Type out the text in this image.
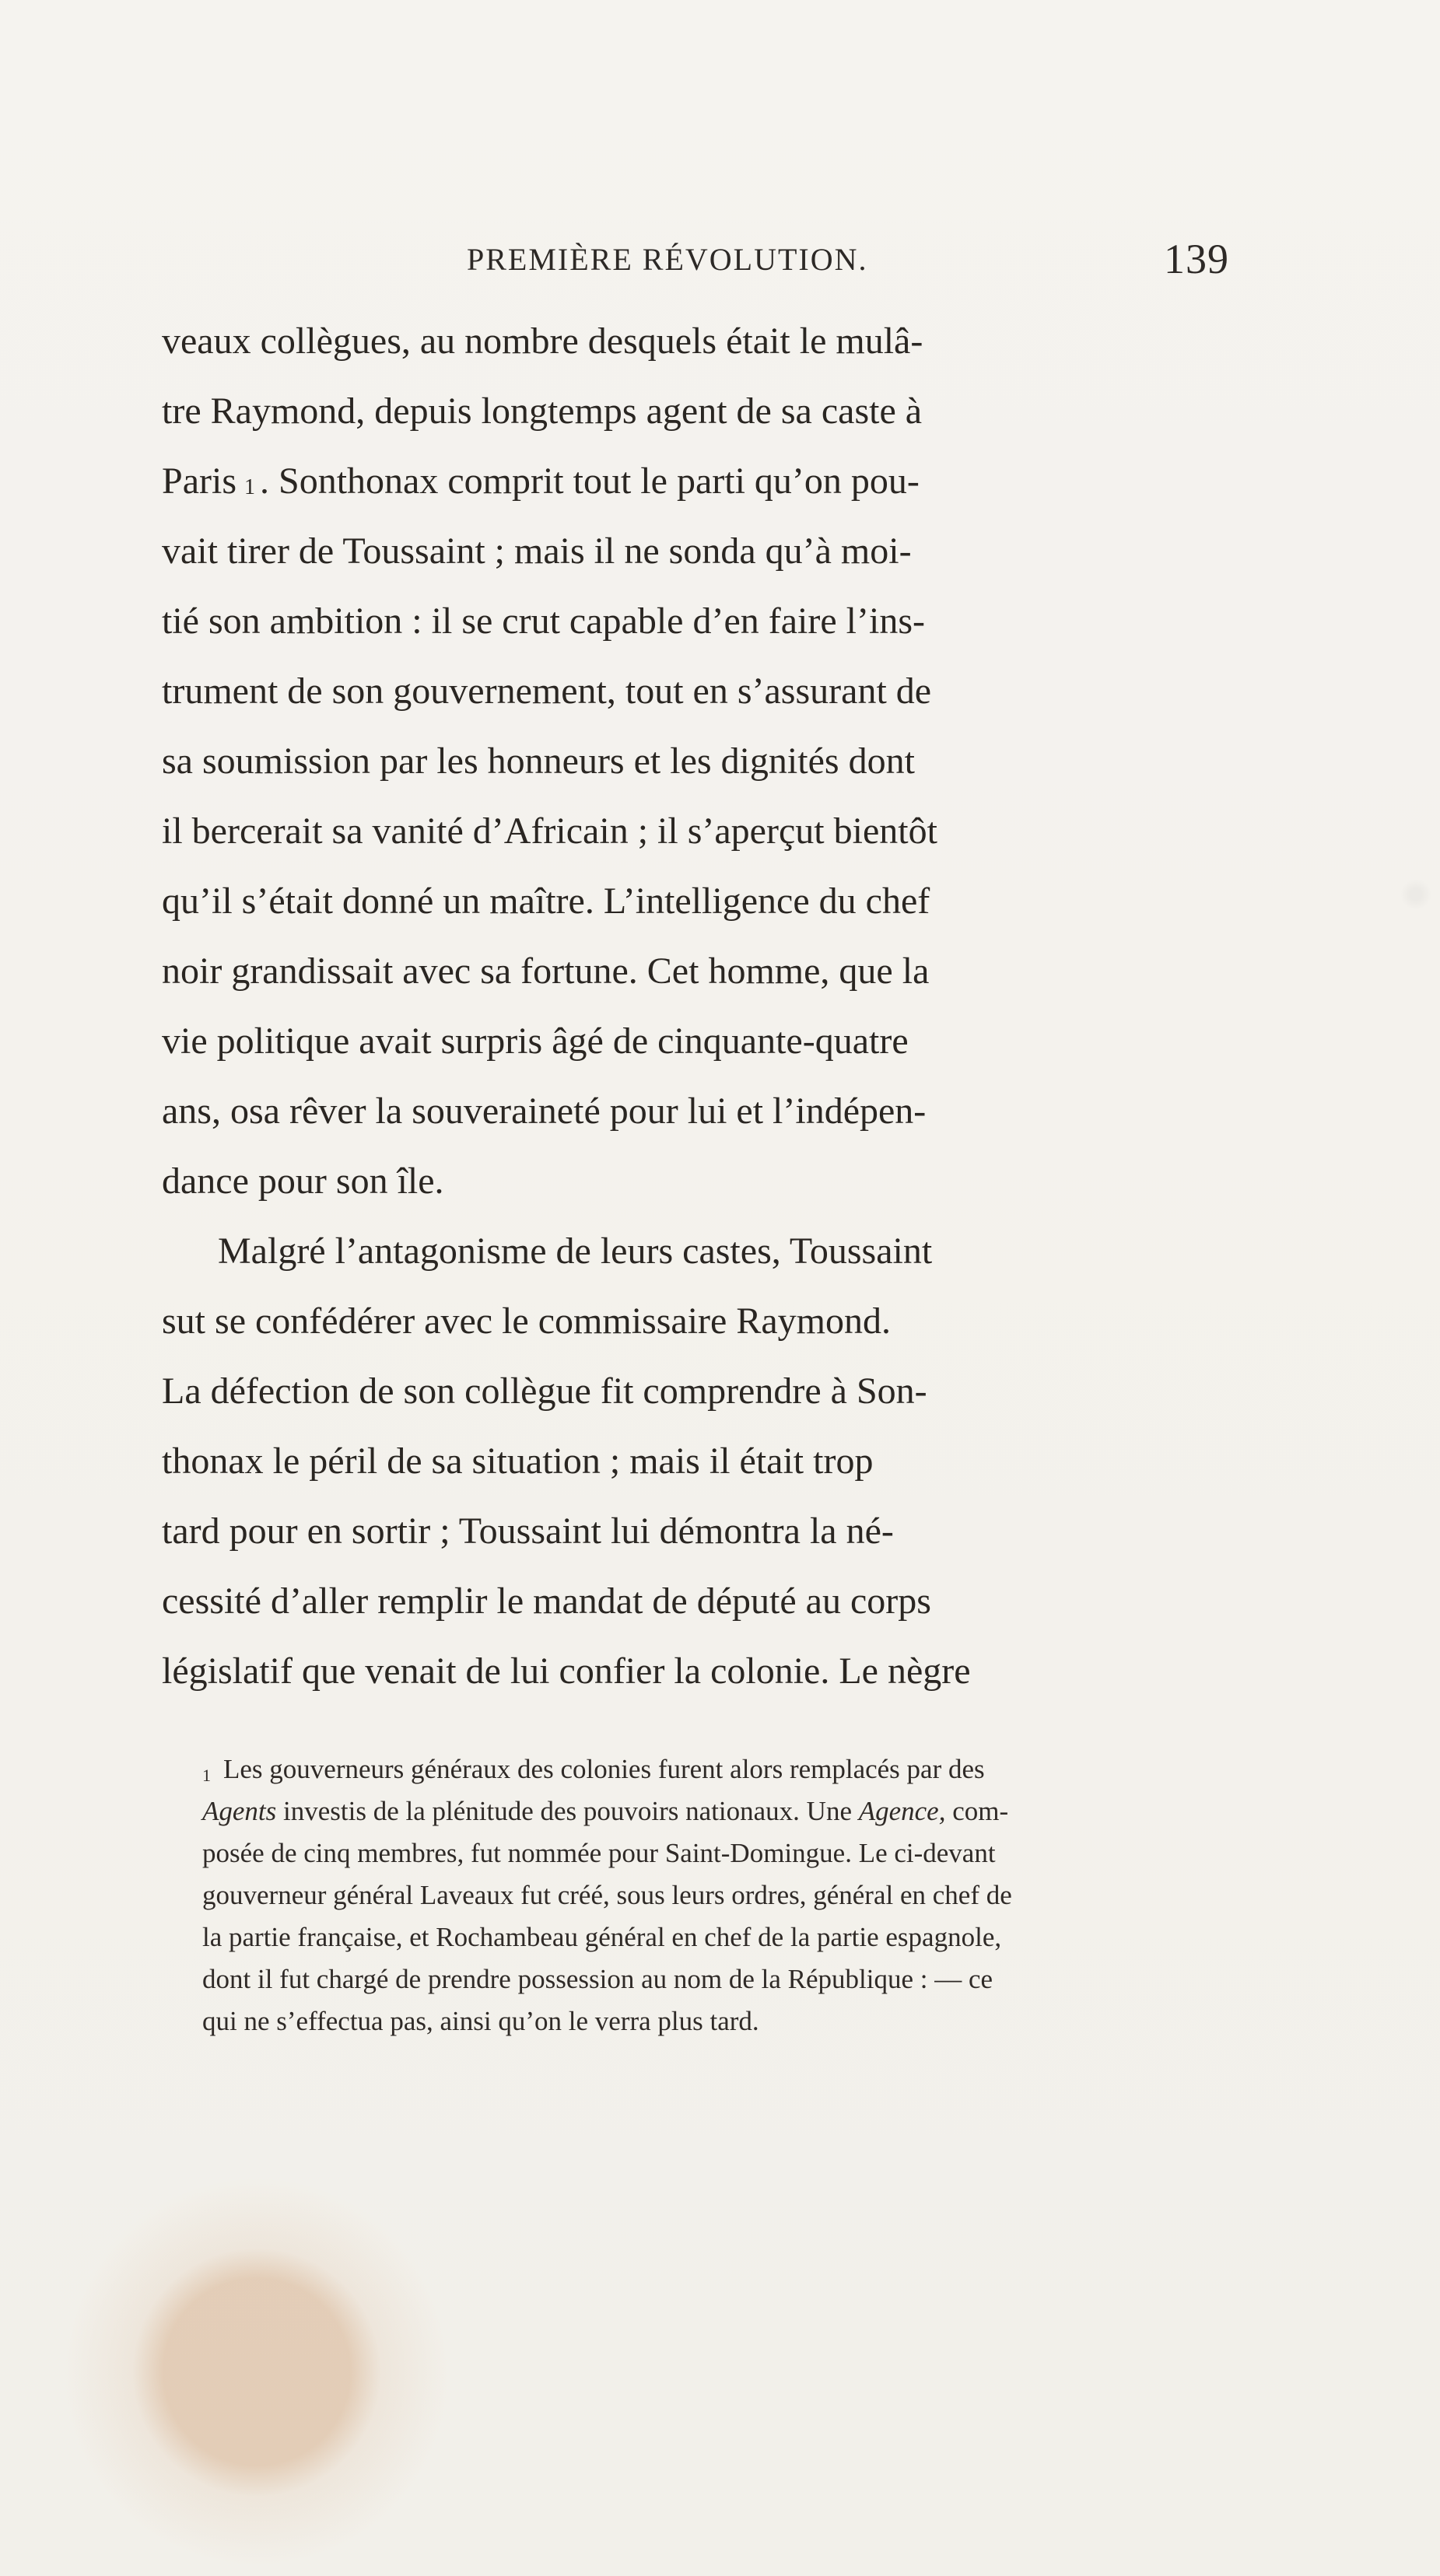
PREMIÈRE RÉVOLUTION.	139
veaux collègues, au nombre desquels était le mulâ-
tre Raymond, depuis longtemps agent de sa caste à
Paris $^1$ . Sonthonax comprit tout le parti qu’on pou-
vait tirer de Toussaint ; mais il ne sonda qu’à moi-
tié son ambition : il se crut capable d’en faire l’ins-
trument de son gouvernement, tout en s’assurant de
sa soumission par les honneurs et les dignités dont
il bercerait sa vanité d’Africain ; il s’aperçut bientôt
qu’il s’était donné un maître. L’intelligence du chef
noir grandissait avec sa fortune. Cet homme, que la
vie politique avait surpris âgé de cinquante-quatre
ans, osa rêver la souveraineté pour lui et l’indépen-
dance pour son île.
Malgré l’antagonisme de leurs castes, Toussaint
sut se confédérer avec le commissaire Raymond.
La défection de son collègue fit comprendre à Son-
thonax le péril de sa situation ; mais il était trop
tard pour en sortir ; Toussaint lui démontra la né-
cessité d’aller remplir le mandat de député au corps
législatif que venait de lui confier la colonie. Le nègre
$^1$ Les gouverneurs généraux des colonies furent alors remplacés par des
Agents investis de la plénitude des pouvoirs nationaux. Une Agence, com-
posée de cinq membres, fut nommée pour Saint-Domingue. Le ci-devant
gouverneur général Laveaux fut créé, sous leurs ordres, général en chef de
la partie française, et Rochambeau général en chef de la partie espagnole,
dont il fut chargé de prendre possession au nom de la République : — ce
qui ne s’effectua pas, ainsi qu’on le verra plus tard.
